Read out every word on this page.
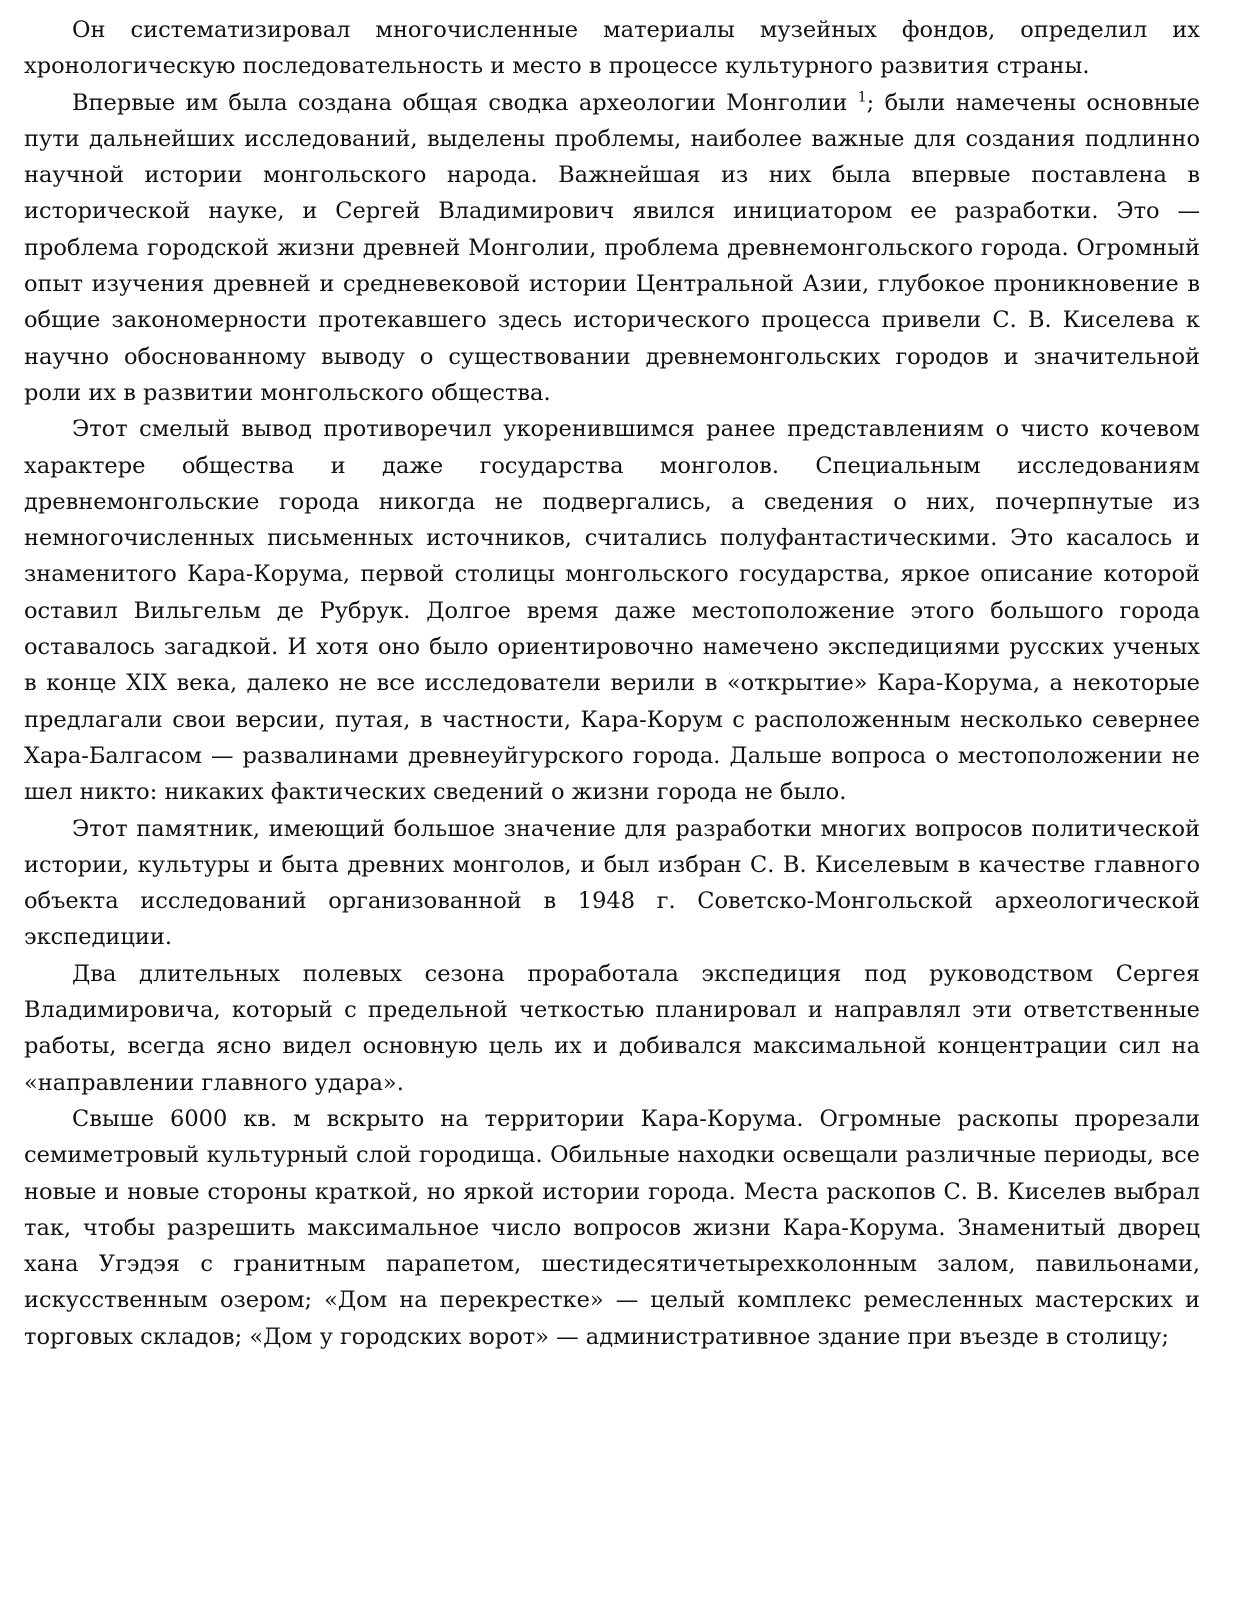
Он систематизировал многочисленные материалы музейных фондов, определил их хронологическую последовательность и место в процессе культурного развития страны.

Впервые им была создана общая сводка археологии Монголии $^1$; были намечены основные пути дальнейших исследований, выделены проблемы, наиболее важные для создания подлинно научной истории монгольского народа. Важнейшая из них была впервые поставлена в исторической науке, и Сергей Владимирович явился инициатором ее разработки. Это — проблема городской жизни древней Монголии, проблема древнемонгольского города. Огромный опыт изучения древней и средневековой истории Центральной Азии, глубокое проникновение в общие закономерности протекавшего здесь исторического процесса привели С. В. Киселева к научно обоснованному выводу о существовании древнемонгольских городов и значительной роли их в развитии монгольского общества.

Этот смелый вывод противоречил укоренившимся ранее представлениям о чисто кочевом характере общества и даже государства монголов. Специальным исследованиям древнемонгольские города никогда не подвергались, а сведения о них, почерпнутые из немногочисленных письменных источников, считались полуфантастическими. Это касалось и знаменитого Кара-Корума, первой столицы монгольского государства, яркое описание которой оставил Вильгельм де Рубрук. Долгое время даже местоположение этого большого города оставалось загадкой. И хотя оно было ориентировочно намечено экспедициями русских ученых в конце XIX века, далеко не все исследователи верили в «открытие» Кара-Корума, а некоторые предлагали свои версии, путая, в частности, Кара-Корум с расположенным несколько севернее Хара-Балгасом — развалинами древнеуйгурского города. Дальше вопроса о местоположении не шел никто: никаких фактических сведений о жизни города не было.

Этот памятник, имеющий большое значение для разработки многих вопросов политической истории, культуры и быта древних монголов, и был избран С. В. Киселевым в качестве главного объекта исследований организованной в 1948 г. Советско-Монгольской археологической экспедиции.

Два длительных полевых сезона проработала экспедиция под руководством Сергея Владимировича, который с предельной четкостью планировал и направлял эти ответственные работы, всегда ясно видел основную цель их и добивался максимальной концентрации сил на «направлении главного удара».

Свыше 6000 кв. м вскрыто на территории Кара-Корума. Огромные раскопы прорезали семиметровый культурный слой городища. Обильные находки освещали различные периоды, все новые и новые стороны краткой, но яркой истории города. Места раскопов С. В. Киселев выбрал так, чтобы разрешить максимальное число вопросов жизни Кара-Корума. Знаменитый дворец хана Угэдэя с гранитным парапетом, шестидесятичетырехколонным залом, павильонами, искусственным озером; «Дом на перекрестке» — целый комплекс ремесленных мастерских и торговых складов; «Дом у городских ворот» — административное здание при въезде в столицу;
